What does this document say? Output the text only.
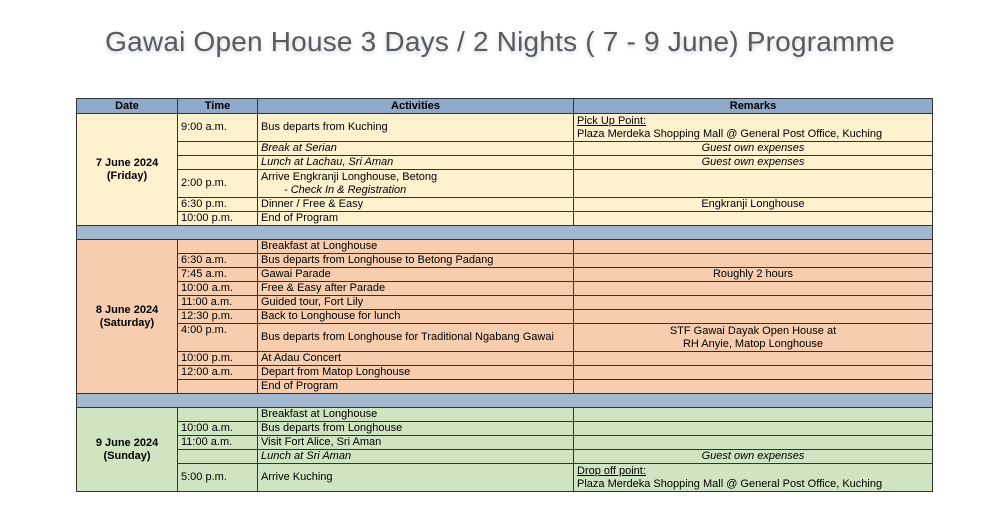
Gawai Open House 3 Days / 2 Nights ( 7 - 9 June) Programme
Date	Time	Activities	Remarks
7 June 2024
(Friday)	9:00 a.m.	Bus departs from Kuching	Pick Up Point:
Plaza Merdeka Shopping Mall @ General Post Office, Kuching
		Break at Serian	Guest own expenses
		Lunch at Lachau, Sri Aman	Guest own expenses
	2:00 p.m.	Arrive Engkranji Longhouse, Betong
- Check In & Registration	

	6:30 p.m.	Dinner / Free & Easy	Engkranji Longhouse
	10:00 p.m.	End of Program	

8 June 2024
(Saturday)		Breakfast at Longhouse	
	6:30 a.m.	Bus departs from Longhouse to Betong Padang	
	7:45 a.m.	Gawai Parade	Roughly 2 hours
	10:00 a.m.	Free & Easy after Parade	
	11:00 a.m.	Guided tour, Fort Lily	
	12:30 p.m.	Back to Longhouse for lunch	
	4:00 p.m.	Bus departs from Longhouse for Traditional Ngabang Gawai	STF Gawai Dayak Open House at
RH Anyie, Matop Longhouse
	10:00 p.m.	At Adau Concert	
	12:00 a.m.	Depart from Matop Longhouse	
		End of Program	

9 June 2024
(Sunday)		Breakfast at Longhouse	
	10:00 a.m.	Bus departs from Longhouse	
	11:00 a.m.	Visit Fort Alice, Sri Aman	
		Lunch at Sri Aman	Guest own expenses
	5:00 p.m.	Arrive Kuching	Drop off point:
Plaza Merdeka Shopping Mall @ General Post Office, Kuching
